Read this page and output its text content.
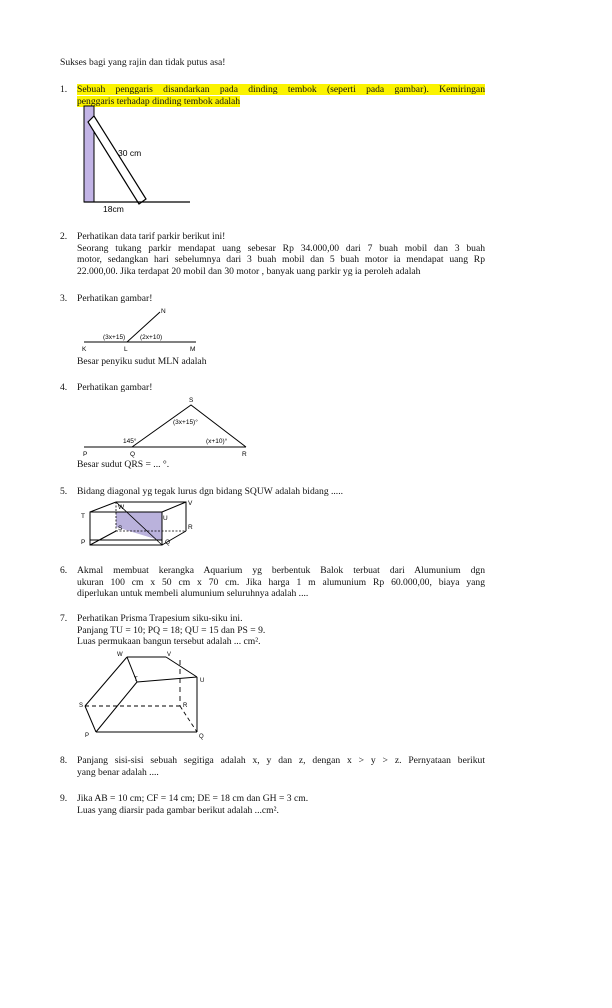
Sukses bagi yang rajin dan tidak putus asa!
1. Sebuah penggaris disandarkan pada dinding tembok (seperti pada gambar). Kemiringan
penggaris terhadap dinding tembok adalah
30 cm
18cm
2. Perhatikan data tarif parkir berikut ini!
Seorang tukang parkir mendapat uang sebesar Rp 34.000,00 dari 7 buah mobil dan 3 buah
motor, sedangkan hari sebelumnya dari 3 buah mobil dan 5 buah motor ia mendapat uang Rp
22.000,00. Jika terdapat 20 mobil dan 30 motor , banyak uang parkir yg ia peroleh adalah
3. Perhatikan gambar!
N
K	L	M
(3x+15) (2x+10)
Besar penyiku sudut MLN adalah
4. Perhatikan gambar!
S
P	Q	R
(3x+15)°
145°	(x+10)°
Besar sudut QRS = ... °.
5. Bidang diagonal yg tegak lurus dgn bidang SQUW adalah bidang .....
W
V
T	U
S	R
P	Q
6. Akmal membuat kerangka Aquarium yg berbentuk Balok terbuat dari Alumunium dgn
ukuran 100 cm x 50 cm x 70 cm. Jika harga 1 m alumunium Rp 60.000,00, biaya yang
diperlukan untuk membeli alumunium seluruhnya adalah ....
7. Perhatikan Prisma Trapesium siku-siku ini.
Panjang TU = 10; PQ = 18; QU = 15 dan PS = 9.
Luas permukaan bangun tersebut adalah ... cm².
W	V
T	U
S	R
P	Q
8. Panjang sisi-sisi sebuah segitiga adalah x, y dan z, dengan x > y > z. Pernyataan berikut
yang benar adalah ....
9. Jika AB = 10 cm; CF = 14 cm; DE = 18 cm dan GH = 3 cm.
Luas yang diarsir pada gambar berikut adalah ...cm².
